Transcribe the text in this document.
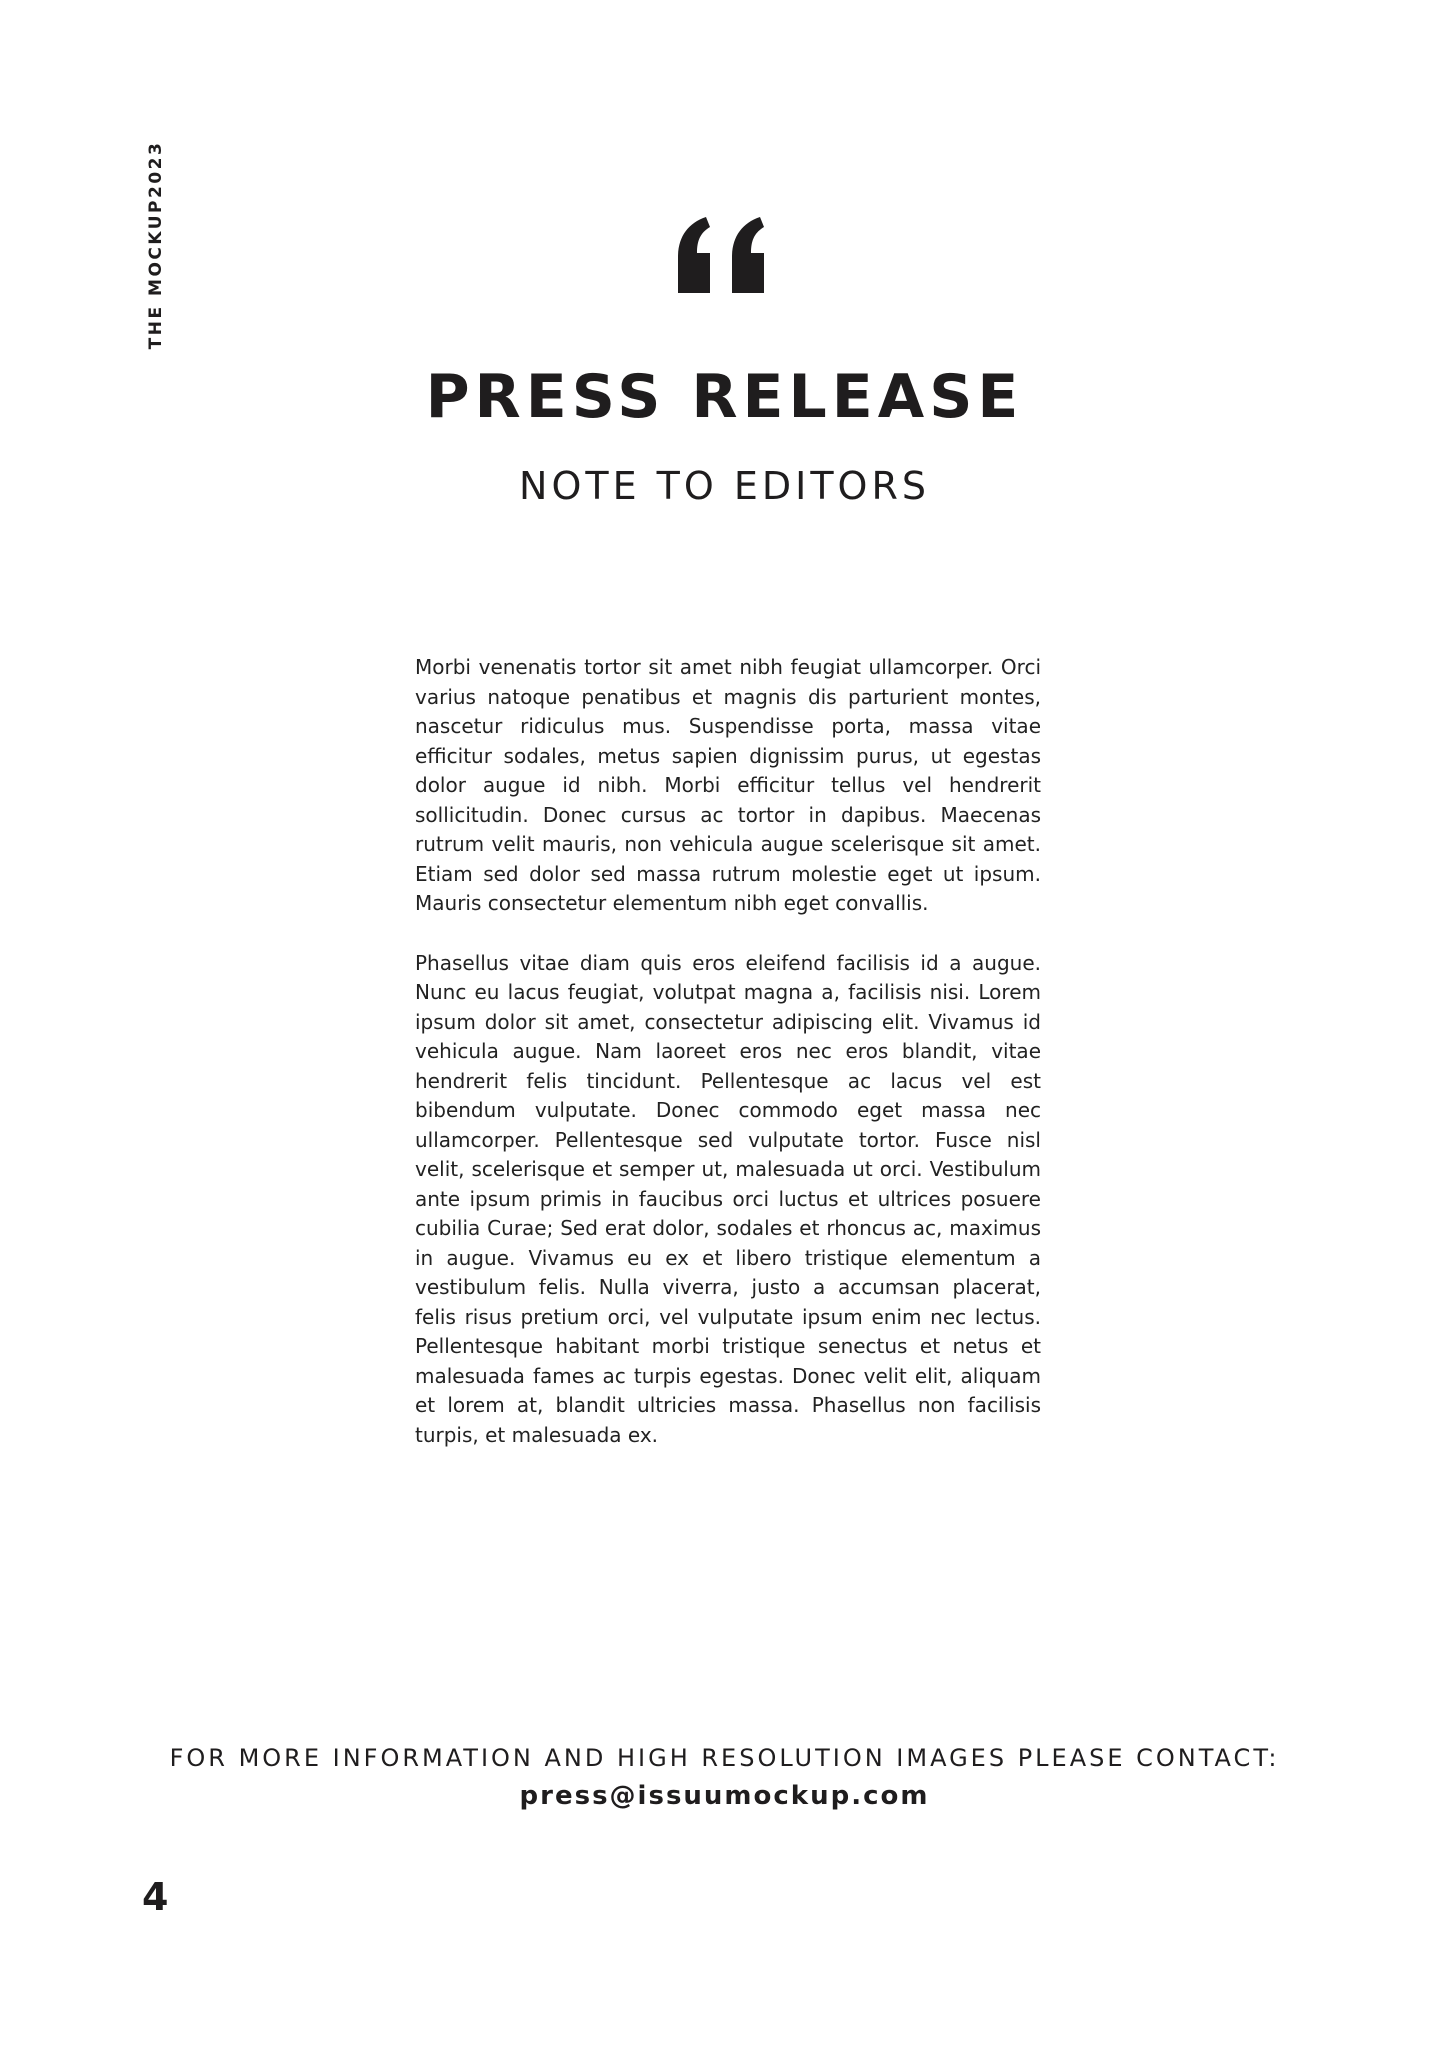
THE MOCKUP2023
PRESS RELEASE
NOTE TO EDITORS

Morbi venenatis tortor sit amet nibh feugiat ullamcorper. Orci varius natoque penatibus et magnis dis parturient montes, nascetur ridiculus mus. Suspendisse porta, massa vitae efficitur sodales, metus sapien dignissim purus, ut egestas dolor augue id nibh. Morbi efficitur tellus vel hendrerit sollicitudin. Donec cursus ac tortor in dapibus. Maecenas rutrum velit mauris, non vehicula augue scelerisque sit amet. Etiam sed dolor sed massa rutrum molestie eget ut ipsum. Mauris consectetur elementum nibh eget convallis.

Phasellus vitae diam quis eros eleifend facilisis id a augue. Nunc eu lacus feugiat, volutpat magna a, facilisis nisi. Lorem ipsum dolor sit amet, consectetur adipiscing elit. Vivamus id vehicula augue. Nam laoreet eros nec eros blandit, vitae hendrerit felis tincidunt. Pellentesque ac lacus vel est bibendum vulputate. Donec commodo eget massa nec ullamcorper. Pellentesque sed vulputate tortor. Fusce nisl velit, scelerisque et semper ut, malesuada ut orci. Vestibulum ante ipsum primis in faucibus orci luctus et ultrices posuere cubilia Curae; Sed erat dolor, sodales et rhoncus ac, maximus in augue. Vivamus eu ex et libero tristique elementum a vestibulum felis. Nulla viverra, justo a accumsan placerat, felis risus pretium orci, vel vulputate ipsum enim nec lectus. Pellentesque habitant morbi tristique senectus et netus et malesuada fames ac turpis egestas. Donec velit elit, aliquam et lorem at, blandit ultricies massa. Phasellus non facilisis turpis, et malesuada ex.

FOR MORE INFORMATION AND HIGH RESOLUTION IMAGES PLEASE CONTACT:
press@issuumockup.com
4
